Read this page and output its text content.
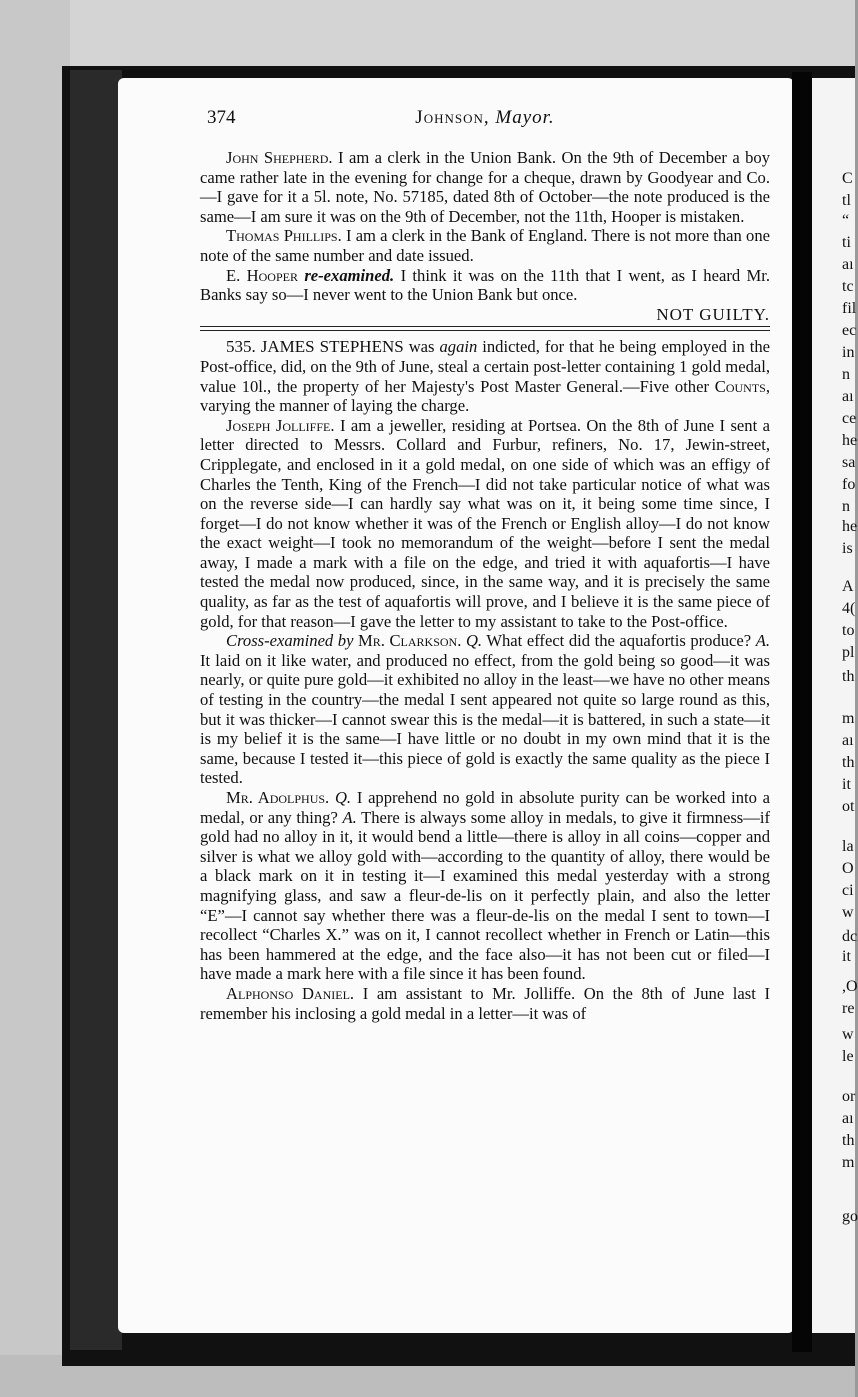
374	Johnson, Mayor.

John Shepherd. I am a clerk in the Union Bank. On the 9th of December a boy came rather late in the evening for change for a cheque, drawn by Goodyear and Co.—I gave for it a 5l. note, No. 57185, dated 8th of October—the note produced is the same—I am sure it was on the 9th of December, not the 11th, Hooper is mistaken.

Thomas Phillips. I am a clerk in the Bank of England. There is not more than one note of the same number and date issued.

E. Hooper re-examined. I think it was on the 11th that I went, as I heard Mr. Banks say so—I never went to the Union Bank but once.

NOT GUILTY.

535. JAMES STEPHENS was again indicted, for that he being employed in the Post-office, did, on the 9th of June, steal a certain post-letter containing 1 gold medal, value 10l., the property of her Majesty's Post Master General.—Five other Counts, varying the manner of laying the charge.

Joseph Jolliffe. I am a jeweller, residing at Portsea. On the 8th of June I sent a letter directed to Messrs. Collard and Furbur, refiners, No. 17, Jewin-street, Cripplegate, and enclosed in it a gold medal, on one side of which was an effigy of Charles the Tenth, King of the French—I did not take particular notice of what was on the reverse side—I can hardly say what was on it, it being some time since, I forget—I do not know whether it was of the French or English alloy—I do not know the exact weight—I took no memorandum of the weight—before I sent the medal away, I made a mark with a file on the edge, and tried it with aquafortis—I have tested the medal now produced, since, in the same way, and it is precisely the same quality, as far as the test of aquafortis will prove, and I believe it is the same piece of gold, for that reason—I gave the letter to my assistant to take to the Post-office.

Cross-examined by Mr. Clarkson. Q. What effect did the aquafortis produce? A. It laid on it like water, and produced no effect, from the gold being so good—it was nearly, or quite pure gold—it exhibited no alloy in the least—we have no other means of testing in the country—the medal I sent appeared not quite so large round as this, but it was thicker—I cannot swear this is the medal—it is battered, in such a state—it is my belief it is the same—I have little or no doubt in my own mind that it is the same, because I tested it—this piece of gold is exactly the same quality as the piece I tested.

Mr. Adolphus. Q. I apprehend no gold in absolute purity can be worked into a medal, or any thing? A. There is always some alloy in medals, to give it firmness—if gold had no alloy in it, it would bend a little—there is alloy in all coins—copper and silver is what we alloy gold with—according to the quantity of alloy, there would be a black mark on it in testing it—I examined this medal yesterday with a strong magnifying glass, and saw a fleur-de-lis on it perfectly plain, and also the letter “E”—I cannot say whether there was a fleur-de-lis on the medal I sent to town—I recollect “Charles X.” was on it, I cannot recollect whether in French or Latin—this has been hammered at the edge, and the face also—it has not been cut or filed—I have made a mark here with a file since it has been found.

Alphonso Daniel. I am assistant to Mr. Jolliffe. On the 8th of June last I remember his inclosing a gold medal in a letter—it was of

C
tl
“
ti
aı
tc
fil
ec
in
n
aı
ce
he
sa
fo
n
he
is
A
4(
to
pl
th
m
aı
th
it
ot
la
O
ci
w
dc
it
,O
re
w
le
or
aı
th
m
go
